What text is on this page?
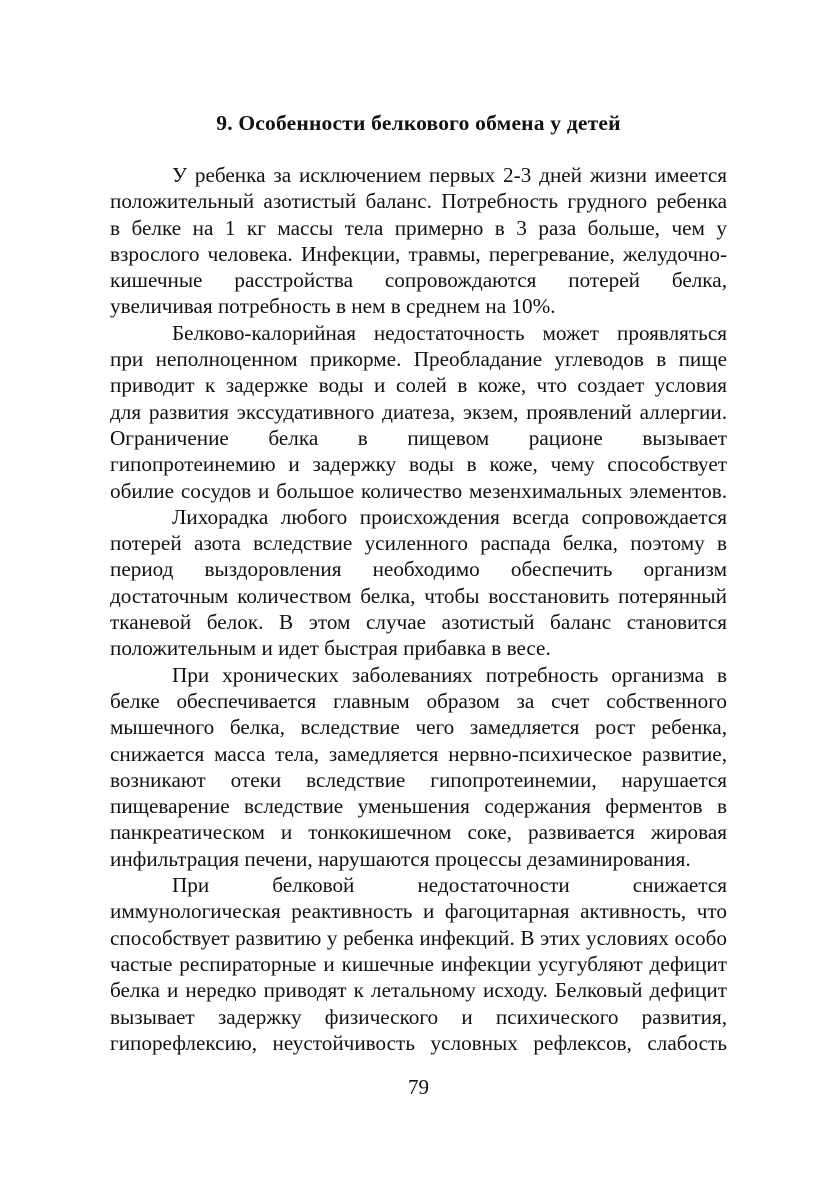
9. Особенности белкового обмена у детей

У ребенка за исключением первых 2-3 дней жизни имеется

положительный азотистый баланс. Потребность грудного ребенка

в белке на 1 кг массы тела примерно в 3 раза больше, чем у

взрослого человека. Инфекции, травмы, перегревание, желудочно-

кишечные расстройства сопровождаются потерей белка,

увеличивая потребность в нем в среднем на 10%.

Белково-калорийная недостаточность может проявляться

при неполноценном прикорме. Преобладание углеводов в пище

приводит к задержке воды и солей в коже, что создает условия

для развития экссудативного диатеза, экзем, проявлений аллергии.

Ограничение белка в пищевом рационе вызывает

гипопротеинемию и задержку воды в коже, чему способствует

обилие сосудов и большое количество мезенхимальных элементов.

Лихорадка любого происхождения всегда сопровождается

потерей азота вследствие усиленного распада белка, поэтому в

период выздоровления необходимо обеспечить организм

достаточным количеством белка, чтобы восстановить потерянный

тканевой белок. В этом случае азотистый баланс становится

положительным и идет быстрая прибавка в весе.

При хронических заболеваниях потребность организма в

белке обеспечивается главным образом за счет собственного

мышечного белка, вследствие чего замедляется рост ребенка,

снижается масса тела, замедляется нервно-психическое развитие,

возникают отеки вследствие гипопротеинемии, нарушается

пищеварение вследствие уменьшения содержания ферментов в

панкреатическом и тонкокишечном соке, развивается жировая

инфильтрация печени, нарушаются процессы дезаминирования.

При белковой недостаточности снижается

иммунологическая реактивность и фагоцитарная активность, что

способствует развитию у ребенка инфекций. В этих условиях особо

частые респираторные и кишечные инфекции усугубляют дефицит

белка и нередко приводят к летальному исходу. Белковый дефицит

вызывает задержку физического и психического развития,

гипорефлексию, неустойчивость условных рефлексов, слабость

79
